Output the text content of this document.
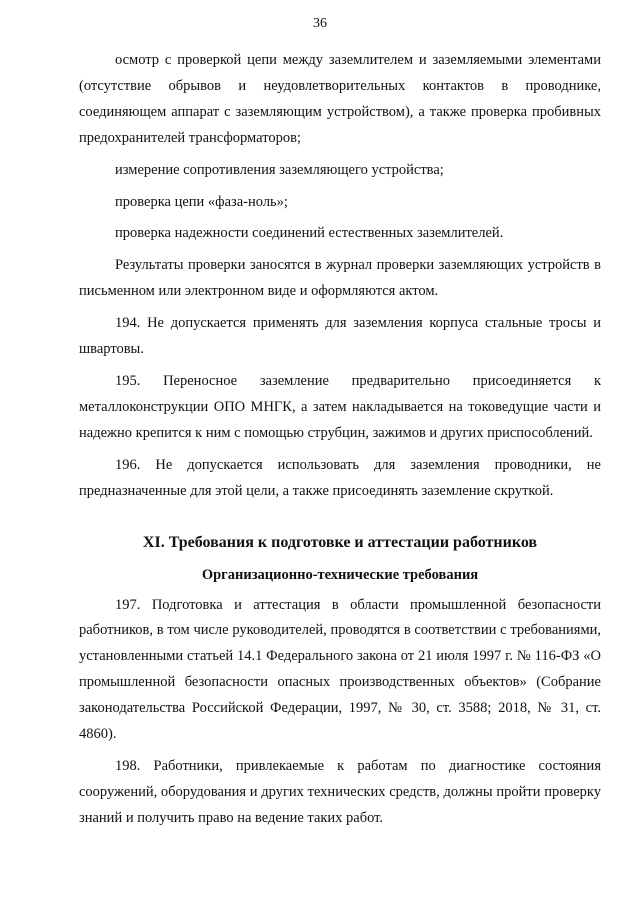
36

осмотр с проверкой цепи между заземлителем и заземляемыми элементами (отсутствие обрывов и неудовлетворительных контактов в проводнике, соединяющем аппарат с заземляющим устройством), а также проверка пробивных предохранителей трансформаторов;

измерение сопротивления заземляющего устройства;

проверка цепи «фаза-ноль»;

проверка надежности соединений естественных заземлителей.

Результаты проверки заносятся в журнал проверки заземляющих устройств в письменном или электронном виде и оформляются актом.

194. Не допускается применять для заземления корпуса стальные тросы и швартовы.

195. Переносное заземление предварительно присоединяется к металлоконструкции ОПО МНГК, а затем накладывается на токоведущие части и надежно крепится к ним с помощью струбцин, зажимов и других приспособлений.

196. Не допускается использовать для заземления проводники, не предназначенные для этой цели, а также присоединять заземление скруткой.

XI. Требования к подготовке и аттестации работников
Организационно-технические требования

197. Подготовка и аттестация в области промышленной безопасности работников, в том числе руководителей, проводятся в соответствии с требованиями, установленными статьей 14.1 Федерального закона от 21 июля 1997 г. № 116-ФЗ «О промышленной безопасности опасных производственных объектов» (Собрание законодательства Российской Федерации, 1997, № 30, ст. 3588; 2018, № 31, ст. 4860).

198. Работники, привлекаемые к работам по диагностике состояния сооружений, оборудования и других технических средств, должны пройти проверку знаний и получить право на ведение таких работ.
